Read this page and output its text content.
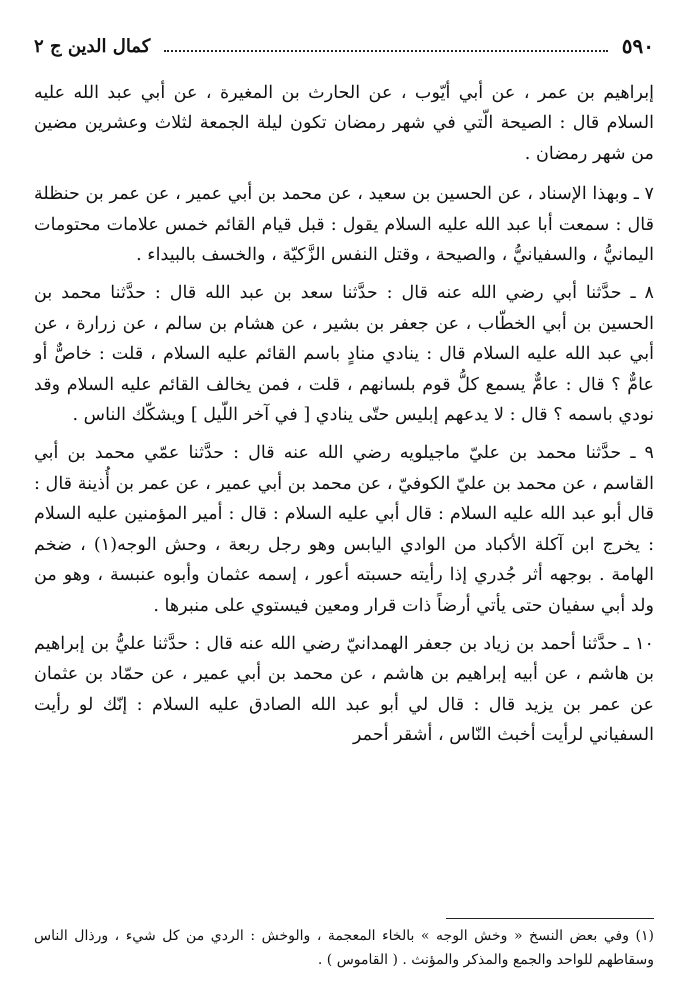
٥٩٠
كمال الدين ج ٢

إبراهيم بن عمر ، عن أبي أيّوب ، عن الحارث بن المغيرة ، عن أبي عبد الله عليه السلام قال : الصيحة الّتي في شهر رمضان تكون ليلة الجمعة لثلاث وعشرين مضين من شهر رمضان .

٧ ـ وبهذا الإسناد ، عن الحسين بن سعيد ، عن محمد بن أبي عمير ، عن عمر بن حنظلة قال : سمعت أبا عبد الله عليه السلام يقول : قبل قيام القائم خمس علامات محتومات اليمانيُّ ، والسفيانيُّ ، والصيحة ، وقتل النفس الزَّكيّة ، والخسف بالبيداء .

٨ ـ حدَّثنا أبي رضي الله عنه قال : حدَّثنا سعد بن عبد الله قال : حدَّثنا محمد بن الحسين بن أبي الخطّاب ، عن جعفر بن بشير ، عن هشام بن سالم ، عن زرارة ، عن أبي عبد الله عليه السلام قال : ينادي منادٍ باسم القائم عليه السلام ، قلت : خاصٌّ أو عامٌّ ؟ قال : عامٌّ يسمع كلُّ قوم بلسانهم ، قلت ، فمن يخالف القائم عليه السلام وقد نودي باسمه ؟ قال : لا يدعهم إبليس حتّى ينادي [ في آخر اللّيل ] ويشكّك الناس .

٩ ـ حدَّثنا محمد بن عليّ ماجيلويه رضي الله عنه قال : حدَّثنا عمّي محمد بن أبي القاسم ، عن محمد بن عليّ الكوفيّ ، عن محمد بن أبي عمير ، عن عمر بن أُذينة قال : قال أبو عبد الله عليه السلام : قال أبي عليه السلام : قال : أمير المؤمنين عليه السلام : يخرج ابن آكلة الأكباد من الوادي اليابس وهو رجل ربعة ، وحش الوجه(١) ، ضخم الهامة . بوجهه أثر جُدري إذا رأيته حسبته أعور ، إسمه عثمان وأبوه عنبسة ، وهو من ولد أبي سفيان حتى يأتي أرضاً ذات قرار ومعين فيستوي على منبرها .

١٠ ـ حدَّثنا أحمد بن زياد بن جعفر الهمدانيّ رضي الله عنه قال : حدَّثنا عليُّ بن إبراهيم بن هاشم ، عن أبيه إبراهيم بن هاشم ، عن محمد بن أبي عمير ، عن حمّاد بن عثمان عن عمر بن يزيد قال : قال لي أبو عبد الله الصادق عليه السلام : إنّك لو رأيت السفياني لرأيت أخبث النّاس ، أشقر أحمر

(١) وفي بعض النسخ « وخش الوجه » بالخاء المعجمة ، والوخش : الردي من كل شيء ، ورذال الناس وسقاطهم للواحد والجمع والمذكر والمؤنث . ( القاموس ) .
